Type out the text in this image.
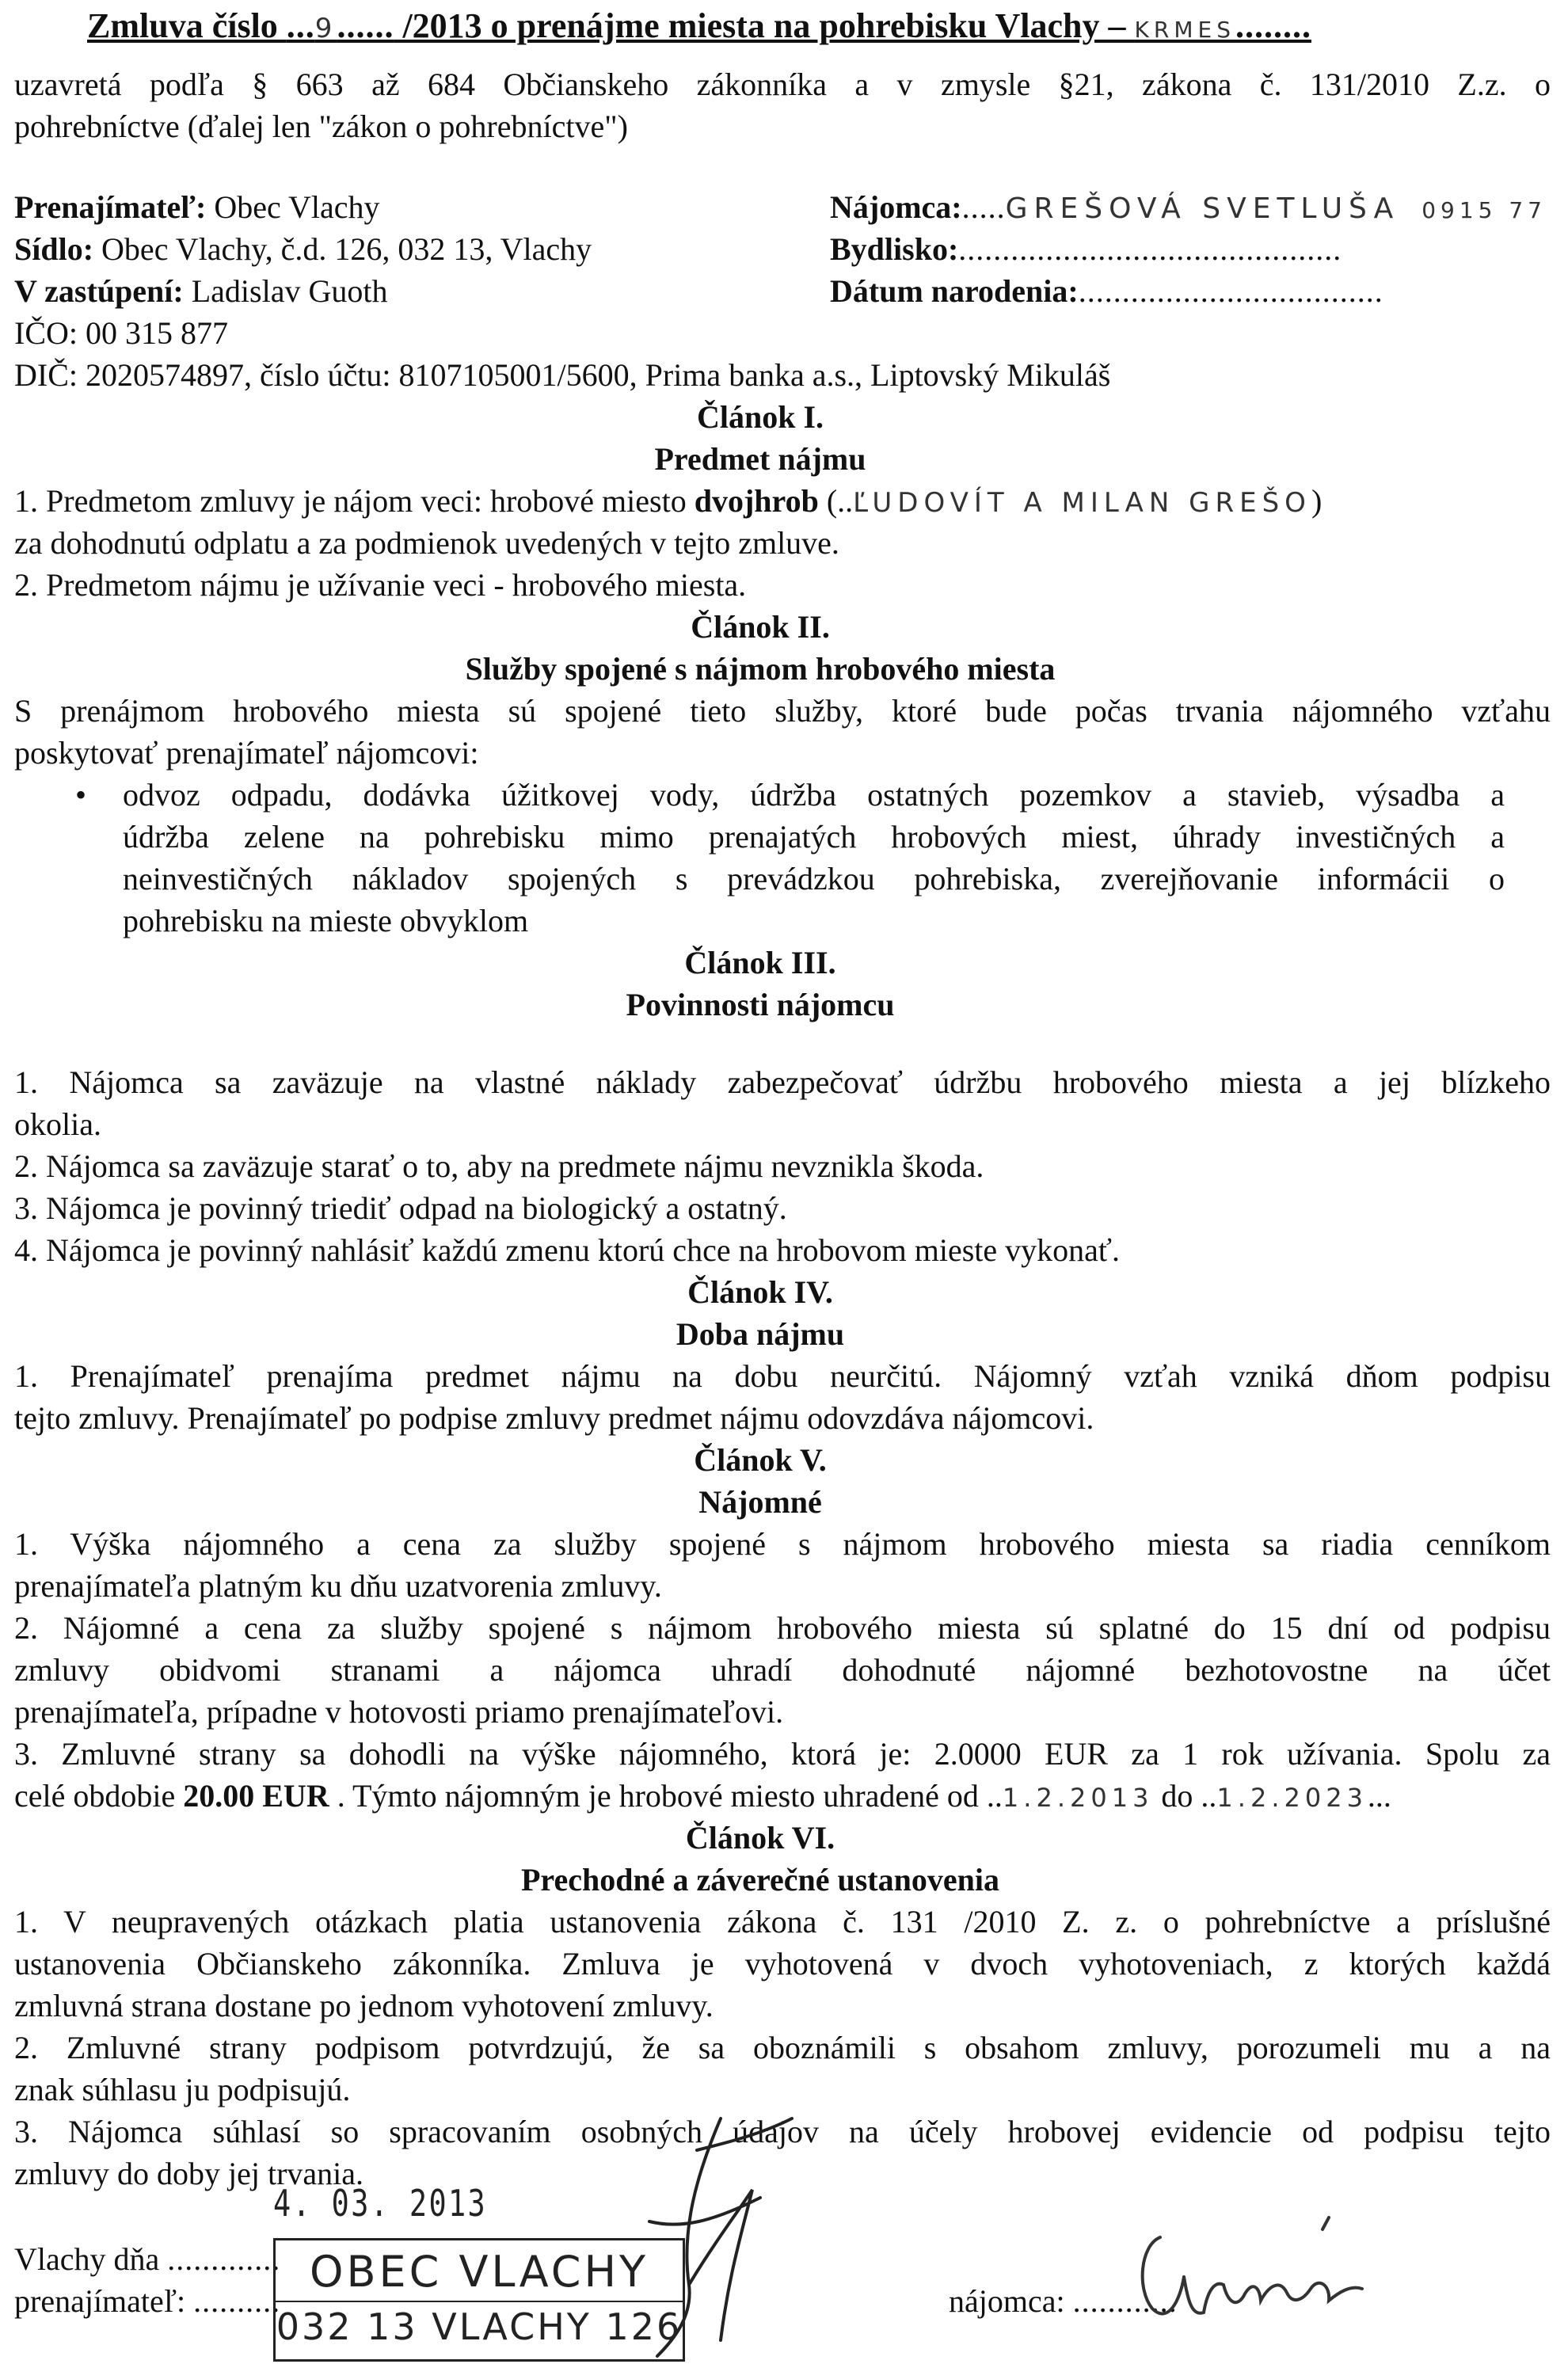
Zmluva číslo ...9...... /2013 o prenájme miesta na pohrebisku Vlachy – KRMES........
uzavretá podľa § 663 až 684 Občianskeho zákonníka a v zmysle §21, zákona č. 131/2010 Z.z. o
pohrebníctve (ďalej len "zákon o pohrebníctve")
Prenajímateľ: Obec Vlachy
Sídlo: Obec Vlachy, č.d. 126, 032 13, Vlachy
V zastúpení: Ladislav Guoth
IČO: 00 315 877
DIČ: 2020574897, číslo účtu: 8107105001/5600, Prima banka a.s., Liptovský Mikuláš
Nájomca:.....GREŠOVÁ SVETLUŠA 0915 77
Bydlisko:............................................
Dátum narodenia:...................................
Článok I.
Predmet nájmu
1. Predmetom zmluvy je nájom veci: hrobové miesto dvojhrob (..ĽUDOVÍT A MILAN GREŠO)
za dohodnutú odplatu a za podmienok uvedených v tejto zmluve.
2. Predmetom nájmu je užívanie veci - hrobového miesta.
Článok II.
Služby spojené s nájmom hrobového miesta
S prenájmom hrobového miesta sú spojené tieto služby, ktoré bude počas trvania nájomného vzťahu
poskytovať prenajímateľ nájomcovi:
• odvoz odpadu, dodávka úžitkovej vody, údržba ostatných pozemkov a stavieb, výsadba a
údržba zelene na pohrebisku mimo prenajatých hrobových miest, úhrady investičných a
neinvestičných nákladov spojených s prevádzkou pohrebiska, zverejňovanie informácii o
pohrebisku na mieste obvyklom
Článok III.
Povinnosti nájomcu
1. Nájomca sa zaväzuje na vlastné náklady zabezpečovať údržbu hrobového miesta a jej blízkeho
okolia.
2. Nájomca sa zaväzuje starať o to, aby na predmete nájmu nevznikla škoda.
3. Nájomca je povinný triediť odpad na biologický a ostatný.
4. Nájomca je povinný nahlásiť každú zmenu ktorú chce na hrobovom mieste vykonať.
Článok IV.
Doba nájmu
1. Prenajímateľ prenajíma predmet nájmu na dobu neurčitú. Nájomný vzťah vzniká dňom podpisu
tejto zmluvy. Prenajímateľ po podpise zmluvy predmet nájmu odovzdáva nájomcovi.
Článok V.
Nájomné
1. Výška nájomného a cena za služby spojené s nájmom hrobového miesta sa riadia cenníkom
prenajímateľa platným ku dňu uzatvorenia zmluvy.
2. Nájomné a cena za služby spojené s nájmom hrobového miesta sú splatné do 15 dní od podpisu
zmluvy obidvomi stranami a nájomca uhradí dohodnuté nájomné bezhotovostne na účet
prenajímateľa, prípadne v hotovosti priamo prenajímateľovi.
3. Zmluvné strany sa dohodli na výške nájomného, ktorá je: 2.0000 EUR za 1 rok užívania. Spolu za
celé obdobie 20.00 EUR . Týmto nájomným je hrobové miesto uhradené od ..1.2.2013 do ..1.2.2023...
Článok VI.
Prechodné a záverečné ustanovenia
1. V neupravených otázkach platia ustanovenia zákona č. 131 /2010 Z. z. o pohrebníctve a príslušné
ustanovenia Občianskeho zákonníka. Zmluva je vyhotovená v dvoch vyhotoveniach, z ktorých každá
zmluvná strana dostane po jednom vyhotovení zmluvy.
2. Zmluvné strany podpisom potvrdzujú, že sa oboznámili s obsahom zmluvy, porozumeli mu a na
znak súhlasu ju podpisujú.
3. Nájomca súhlasí so spracovaním osobných údajov na účely hrobovej evidencie od podpisu tejto
zmluvy do doby jej trvania.
4. 03. 2013
Vlachy dňa .............
prenajímateľ: ..........
OBEC VLACHY
032 13 VLACHY 126
nájomca: ............
